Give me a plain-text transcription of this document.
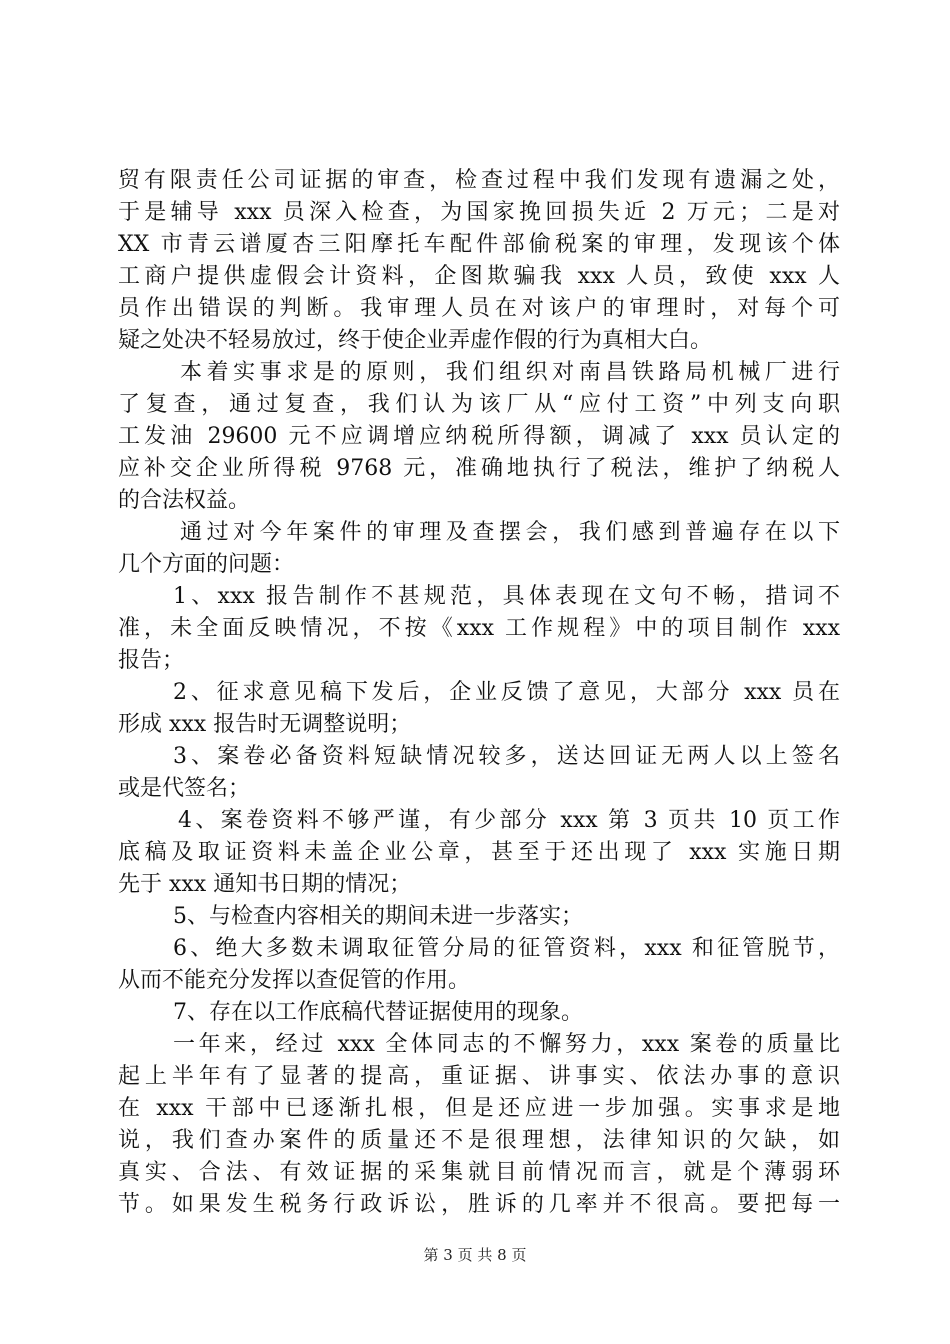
贸有限责任公司证据的审查，检查过程中我们发现有遗漏之处，
于是辅导 xxx 员深入检查，为国家挽回损失近 2 万元；二是对
XX 市青云谱厦杏三阳摩托车配件部偷税案的审理，发现该个体
工商户提供虚假会计资料，企图欺骗我 xxx 人员，致使 xxx 人
员作出错误的判断。我审理人员在对该户的审理时，对每个可
疑之处决不轻易放过，终于使企业弄虚作假的行为真相大白。
本着实事求是的原则，我们组织对南昌铁路局机械厂进行
了复查，通过复查，我们认为该厂从“应付工资”中列支向职
工发油 29600 元不应调增应纳税所得额，调减了 xxx 员认定的
应补交企业所得税 9768 元，准确地执行了税法，维护了纳税人
的合法权益。
通过对今年案件的审理及查摆会，我们感到普遍存在以下
几个方面的问题：
1、xxx 报告制作不甚规范，具体表现在文句不畅，措词不
准，未全面反映情况，不按《xxx 工作规程》中的项目制作 xxx
报告；
2、征求意见稿下发后，企业反馈了意见，大部分 xxx 员在
形成 xxx 报告时无调整说明；
3、案卷必备资料短缺情况较多，送达回证无两人以上签名
或是代签名；
4、案卷资料不够严谨，有少部分 xxx 第 3 页共 10 页工作
底稿及取证资料未盖企业公章，甚至于还出现了 xxx 实施日期
先于 xxx 通知书日期的情况；
5、与检查内容相关的期间未进一步落实；
6、绝大多数未调取征管分局的征管资料，xxx 和征管脱节，
从而不能充分发挥以查促管的作用。
7、存在以工作底稿代替证据使用的现象。
一年来，经过 xxx 全体同志的不懈努力，xxx 案卷的质量比
起上半年有了显著的提高，重证据、讲事实、依法办事的意识
在 xxx 干部中已逐渐扎根，但是还应进一步加强。实事求是地
说，我们查办案件的质量还不是很理想，法律知识的欠缺，如
真实、合法、有效证据的采集就目前情况而言，就是个薄弱环
节。如果发生税务行政诉讼，胜诉的几率并不很高。要把每一
第 3 页 共 8 页
